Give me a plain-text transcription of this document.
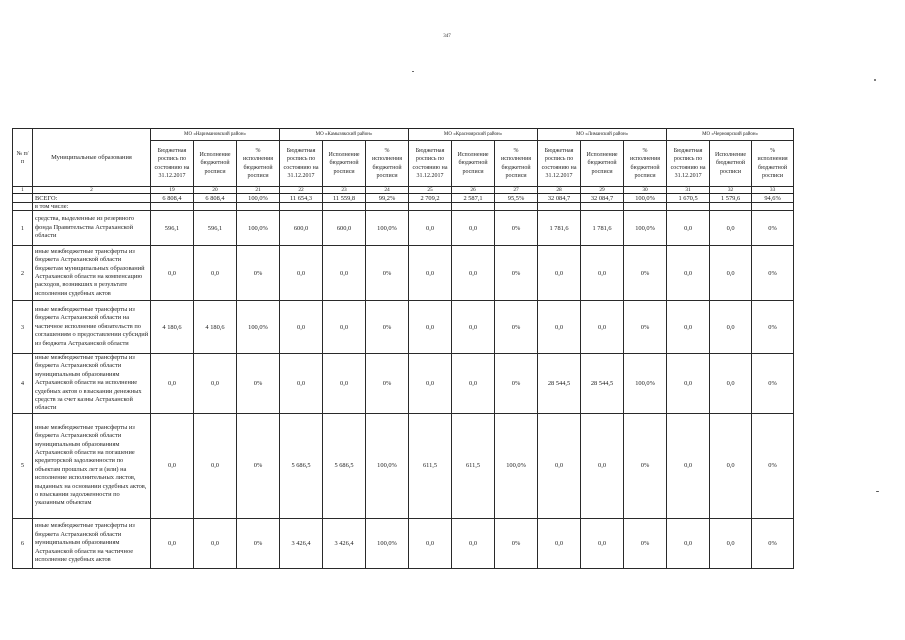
347
№ п/п	Муниципальные образования	МО «Наримановский район»			МО «Камызякский район»			МО «Красноярский район»			МО «Лиманский район»			МО «Черноярский район»		
		Бюджетная роспись по состоянию на 31.12.2017	Исполнение бюджетной росписи	% исполнения бюджетной росписи	Бюджетная роспись по состоянию на 31.12.2017	Исполнение бюджетной росписи	% исполнения бюджетной росписи	Бюджетная роспись по состоянию на 31.12.2017	Исполнение бюджетной росписи	% исполнения бюджетной росписи	Бюджетная роспись по состоянию на 31.12.2017	Исполнение бюджетной росписи	% исполнения бюджетной росписи	Бюджетная роспись по состоянию на 31.12.2017	Исполнение бюджетной росписи	% исполнения бюджетной росписи
1	2	19	20	21	22	23	24	25	26	27	28	29	30	31	32	33
	ВСЕГО:	6 808,4	6 808,4	100,0%	11 654,3	11 559,8	99,2%	2 709,2	2 587,1	95,5%	32 084,7	32 084,7	100,0%	1 670,5	1 579,6	94,6%
	в том числе:															
1	средства, выделенные из резервного фонда Правительства Астраханской области	596,1	596,1	100,0%	600,0	600,0	100,0%	0,0	0,0	0%	1 781,6	1 781,6	100,0%	0,0	0,0	0%
2	иные межбюджетные трансферты из бюджета Астраханской области бюджетам муниципальных образований Астраханской области на компенсацию расходов, возникших в результате исполнения судебных актов	0,0	0,0	0%	0,0	0,0	0%	0,0	0,0	0%	0,0	0,0	0%	0,0	0,0	0%
3	иные межбюджетные трансферты из бюджета Астраханской области на частичное исполнение обязательств по соглашениям о предоставлении субсидий из бюджета Астраханской области	4 180,6	4 180,6	100,0%	0,0	0,0	0%	0,0	0,0	0%	0,0	0,0	0%	0,0	0,0	0%
4	иные межбюджетные трансферты из бюджета Астраханской области муниципальным образованиям Астраханской области на исполнение судебных актов о взыскании денежных средств за счет казны Астраханской области	0,0	0,0	0%	0,0	0,0	0%	0,0	0,0	0%	28 544,5	28 544,5	100,0%	0,0	0,0	0%
5	иные межбюджетные трансферты из бюджета Астраханской области муниципальным образованиям Астраханской области на погашение кредиторской задолженности по объектам прошлых лет и (или) на исполнение исполнительных листов, выданных на основании судебных актов, о взыскании задолженности по указанным объектам	0,0	0,0	0%	5 686,5	5 686,5	100,0%	611,5	611,5	100,0%	0,0	0,0	0%	0,0	0,0	0%
6	иные межбюджетные трансферты из бюджета Астраханской области муниципальным образованиям Астраханской области на частичное исполнение судебных актов	0,0	0,0	0%	3 426,4	3 426,4	100,0%	0,0	0,0	0%	0,0	0,0	0%	0,0	0,0	0%
